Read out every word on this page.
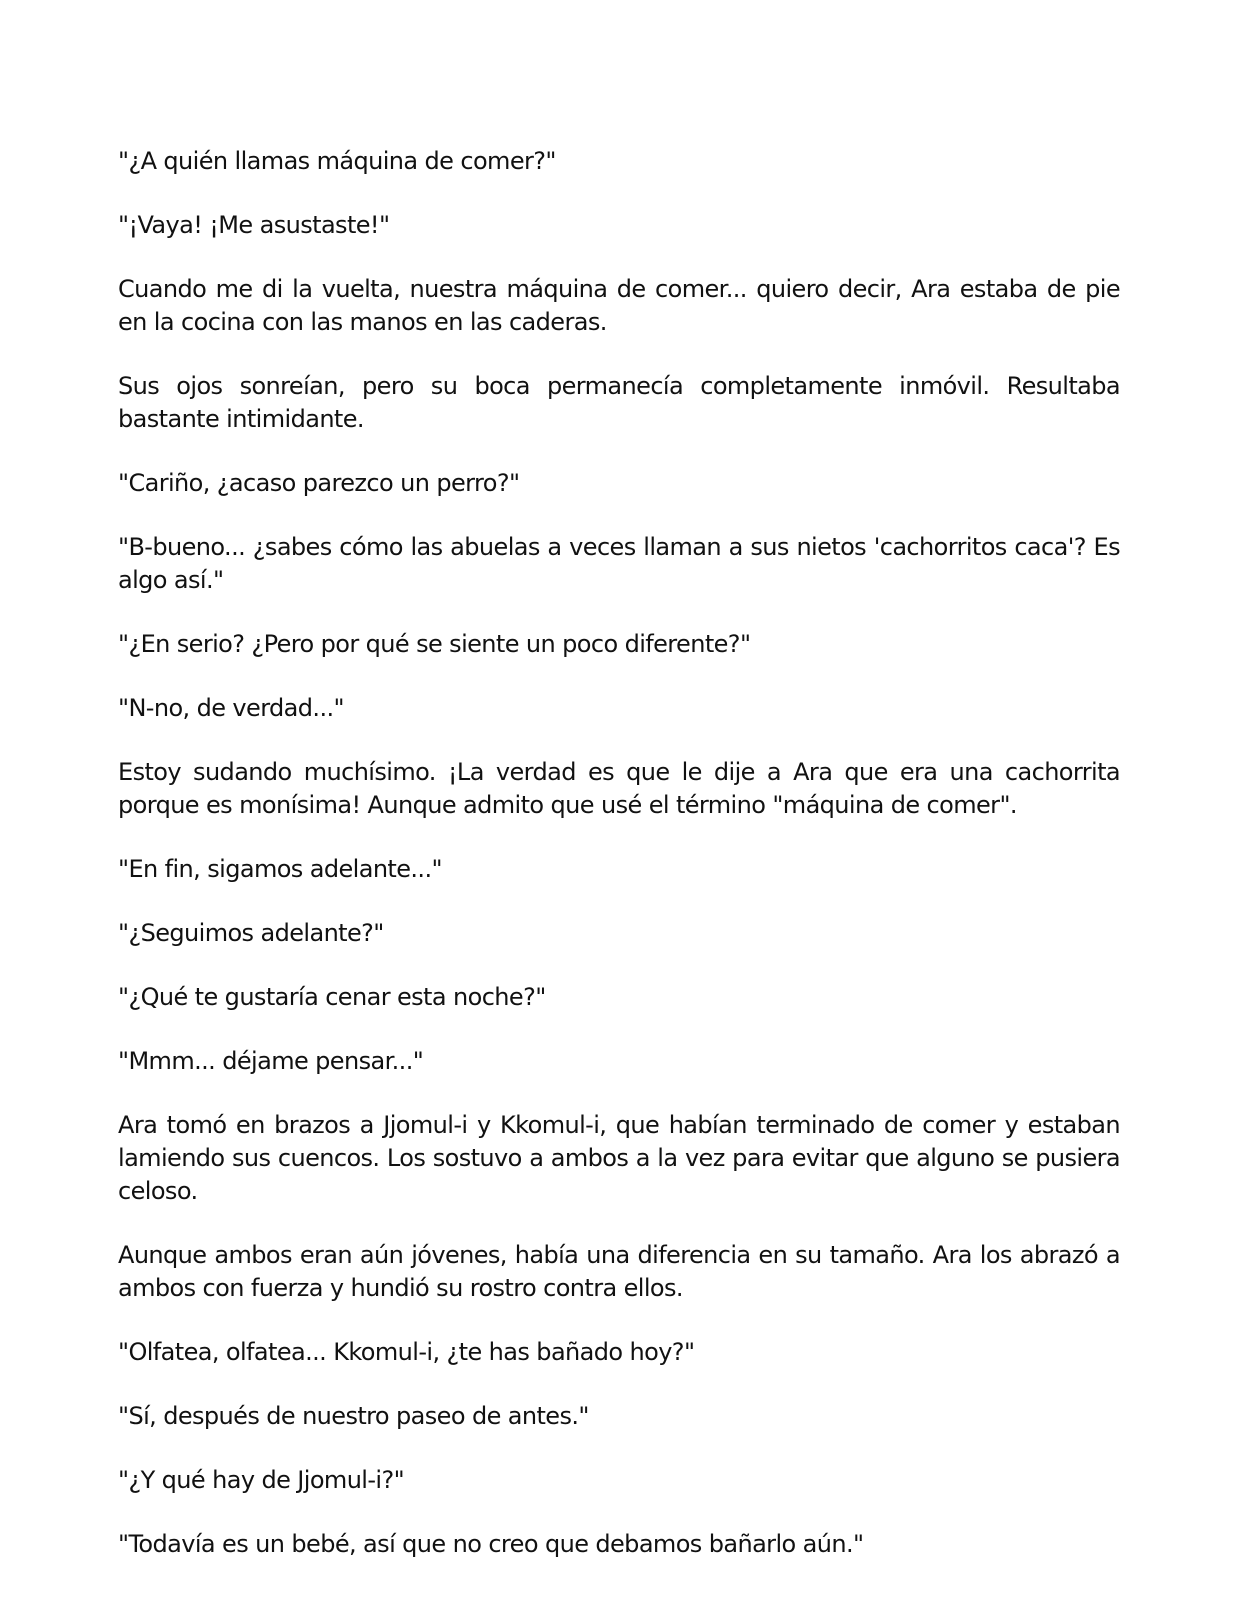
"¿A quién llamas máquina de comer?"

"¡Vaya! ¡Me asustaste!"

Cuando me di la vuelta, nuestra máquina de comer... quiero decir, Ara estaba de pie en la cocina con las manos en las caderas.

Sus ojos sonreían, pero su boca permanecía completamente inmóvil. Resultaba bastante intimidante.

"Cariño, ¿acaso parezco un perro?"

"B-bueno... ¿sabes cómo las abuelas a veces llaman a sus nietos 'cachorritos caca'? Es algo así."

"¿En serio? ¿Pero por qué se siente un poco diferente?"

"N-no, de verdad..."

Estoy sudando muchísimo. ¡La verdad es que le dije a Ara que era una cachorrita porque es monísima! Aunque admito que usé el término "máquina de comer".

"En fin, sigamos adelante..."

"¿Seguimos adelante?"

"¿Qué te gustaría cenar esta noche?"

"Mmm... déjame pensar..."

Ara tomó en brazos a Jjomul-i y Kkomul-i, que habían terminado de comer y estaban lamiendo sus cuencos. Los sostuvo a ambos a la vez para evitar que alguno se pusiera celoso.

Aunque ambos eran aún jóvenes, había una diferencia en su tamaño. Ara los abrazó a ambos con fuerza y hundió su rostro contra ellos.

"Olfatea, olfatea... Kkomul-i, ¿te has bañado hoy?"

"Sí, después de nuestro paseo de antes."

"¿Y qué hay de Jjomul-i?"

"Todavía es un bebé, así que no creo que debamos bañarlo aún."
